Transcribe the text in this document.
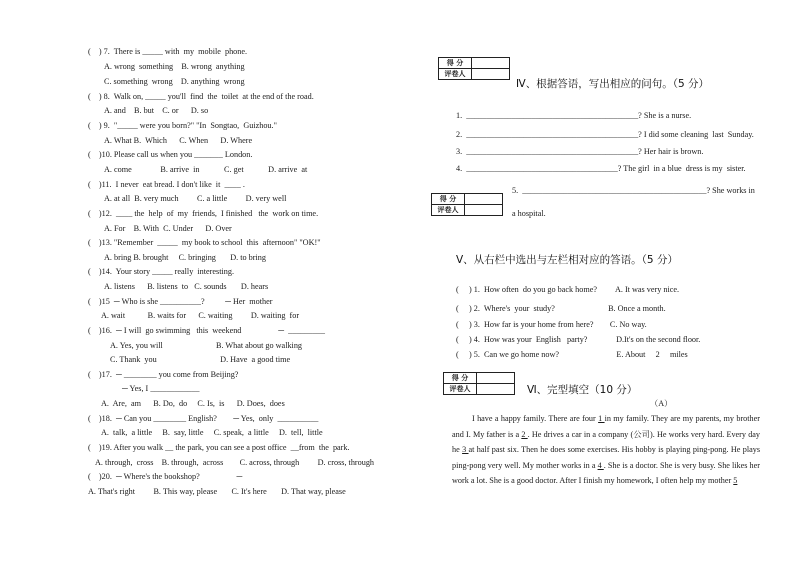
(    ) 7.  There is _____ with  my  mobile  phone.
A. wrong  something    B. wrong  anything
C. something  wrong    D. anything  wrong
(    ) 8.  Walk on, _____ you'll  find  the  toilet  at the end of the road.
A. and    B. but    C. or      D. so
(    ) 9.  "_____ were you born?" "In  Songtao,  Guizhou."
A. What B.  Which      C. When      D. Where
(    )10. Please call us when you _______ London.
A. come              B. arrive  in            C. get            D. arrive  at
(    )11.  I never  eat bread. I don't like  it  ____ .
A. at all  B. very much         C. a little         D. very well
(    )12.  ____ the  help  of  my  friends,  I finished   the  work on time.
A. For    B. With  C. Under      D. Over
(    )13. "Remember  _____  my book to school  this  afternoon" "OK!"
A. bring B. brought     C. bringing       D. to bring
(    )14.  Your story _____ really  interesting.
A. listens      B. listens  to   C. sounds       D. hears
(    )15  ─ Who is she __________?          ─ Her  mother
A. wait           B. waits for      C. waiting         D. waiting  for
(    )16.  ─ I will  go swimming   this  weekend                  ─  _________
A. Yes, you will                          B. What about go walking
C. Thank  you                               D. Have  a good time
(    )17.  ─ ________ you come from Beijing?
─ Yes, I ____________
A.  Are,  am      B. Do,  do     C. Is,  is      D. Does,  does
(    )18.  ─ Can you ________ English?        ─ Yes,  only  __________
A.  talk,  a little     B.  say, little     C. speak,  a little     D.  tell,  little
(    )19. After you walk __ the park, you can see a post office  __from  the  park.
A. through,  cross    B. through,  across        C. across, through         D. cross, through
(    )20.  ─ Where's the bookshop?                  ─
A. That's right         B. This way, please       C. It's here       D. That way, please
得 分	
评卷人	
Ⅳ、根据答语，写出相应的问句。（5 分）
1.  __________________________________________? She is a nurse.
2.  __________________________________________? I did some cleaning  last  Sunday.
3.  __________________________________________? Her hair is brown.
4.  _____________________________________? The girl  in a blue  dress is my  sister.
得 分	
评卷人	
5.  _____________________________________________? She works in
a hospital.
Ⅴ、从右栏中选出与左栏相对应的答语。（5 分）
(     ) 1.  How often  do you go back home?         A. It was very nice.
(     ) 2.  Where's  your  study?                          B. Once a month.
(     ) 3.  How far is your home from here?        C. No way.
(     ) 4.  How was your  English   party?              D.It's on the second floor.
(     ) 5.  Can we go home now?                            E. About     2     miles
得 分	
评卷人		Ⅵ、完型填空（10 分）
（A）
I have a happy family. There are four 1 in my family. They are my parents, my brother and I. My father is a 2 . He drives a car in a company (公司). He works very hard. Every day he 3 at half past six. Then he does some exercises. His hobby is playing ping-pong. He plays ping-pong very well. My mother works in a 4 . She is a doctor. She is very busy. She likes her work a lot. She is a good doctor. After I finish my homework, I often help my mother 5
